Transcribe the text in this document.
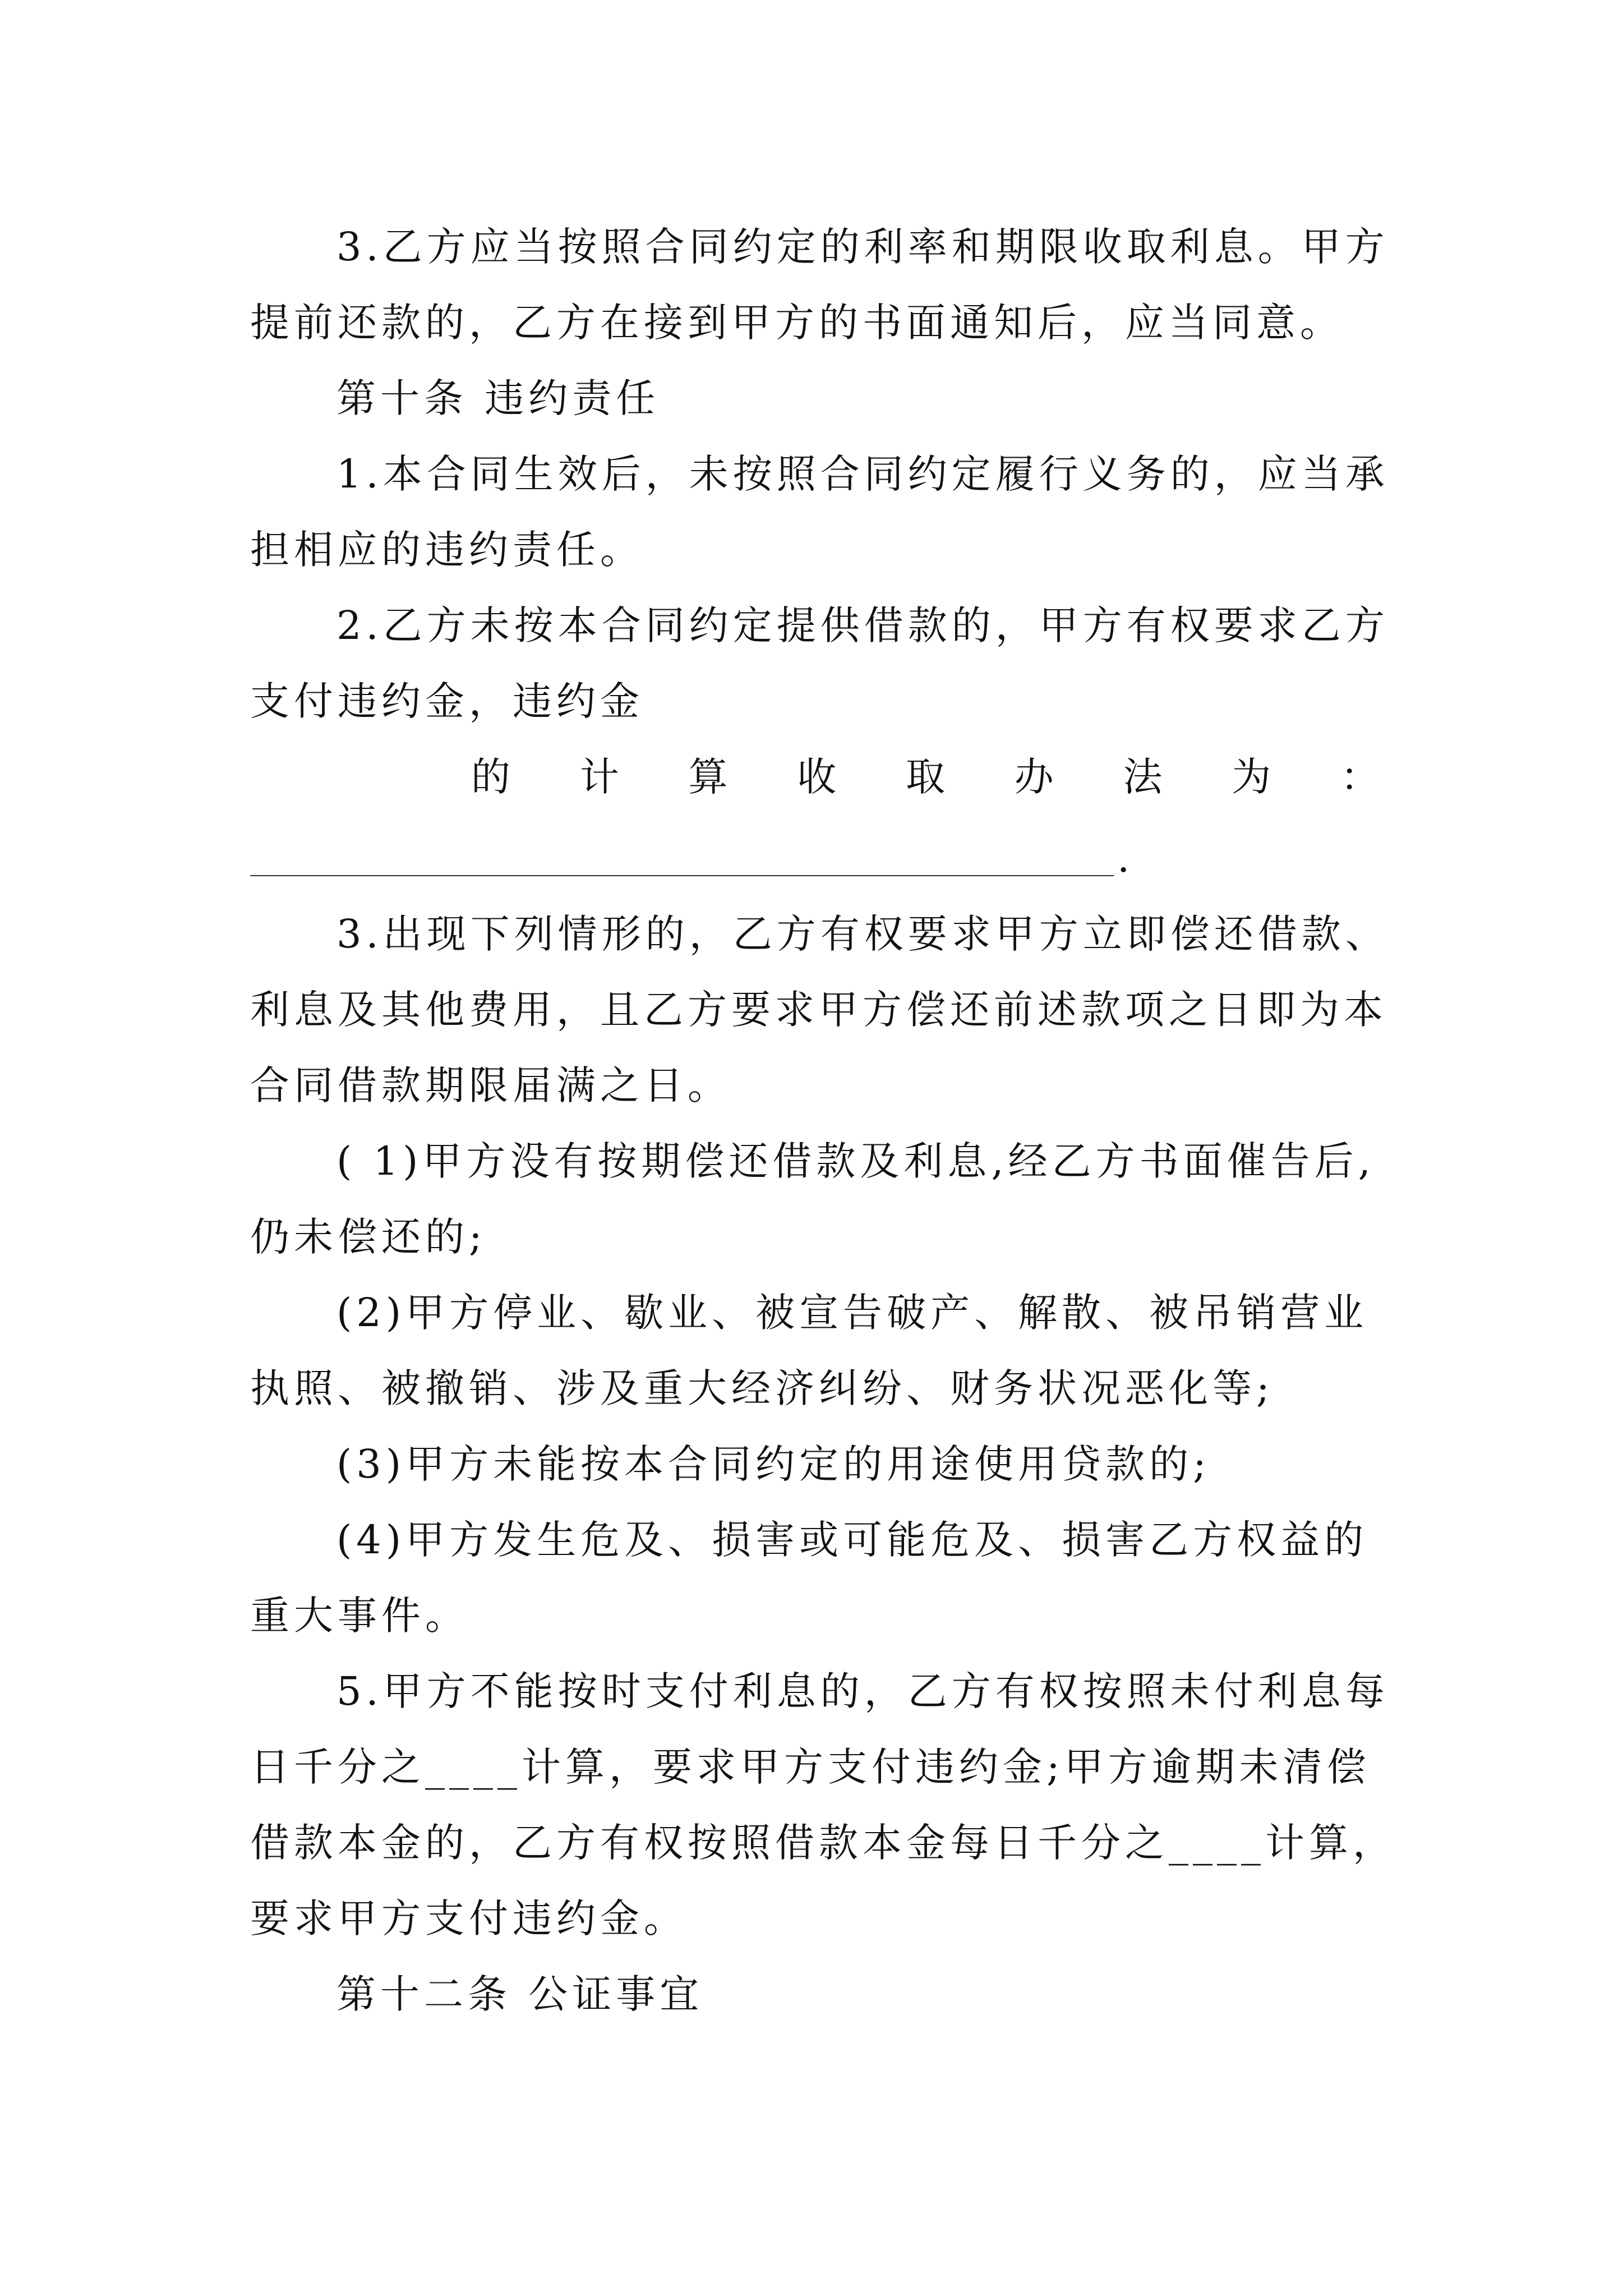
3.乙方应当按照合同约定的利率和期限收取利息。甲方
提前还款的，乙方在接到甲方的书面通知后，应当同意。
第十条 违约责任
1.本合同生效后，未按照合同约定履行义务的，应当承
担相应的违约责任。
2.乙方未按本合同约定提供借款的，甲方有权要求乙方
支付违约金，违约金
的 计 算 收 取 办 法 为 ：
.
3.出现下列情形的，乙方有权要求甲方立即偿还借款、
利息及其他费用，且乙方要求甲方偿还前述款项之日即为本
合同借款期限届满之日。
( 1)甲方没有按期偿还借款及利息,经乙方书面催告后,
仍未偿还的;
(2)甲方停业、歇业、被宣告破产、解散、被吊销营业
执照、被撤销、涉及重大经济纠纷、财务状况恶化等;
(3)甲方未能按本合同约定的用途使用贷款的;
(4)甲方发生危及、损害或可能危及、损害乙方权益的
重大事件。
5.甲方不能按时支付利息的，乙方有权按照未付利息每
日千分之____计算，要求甲方支付违约金;甲方逾期未清偿
借款本金的，乙方有权按照借款本金每日千分之____计算，
要求甲方支付违约金。
第十二条 公证事宜
